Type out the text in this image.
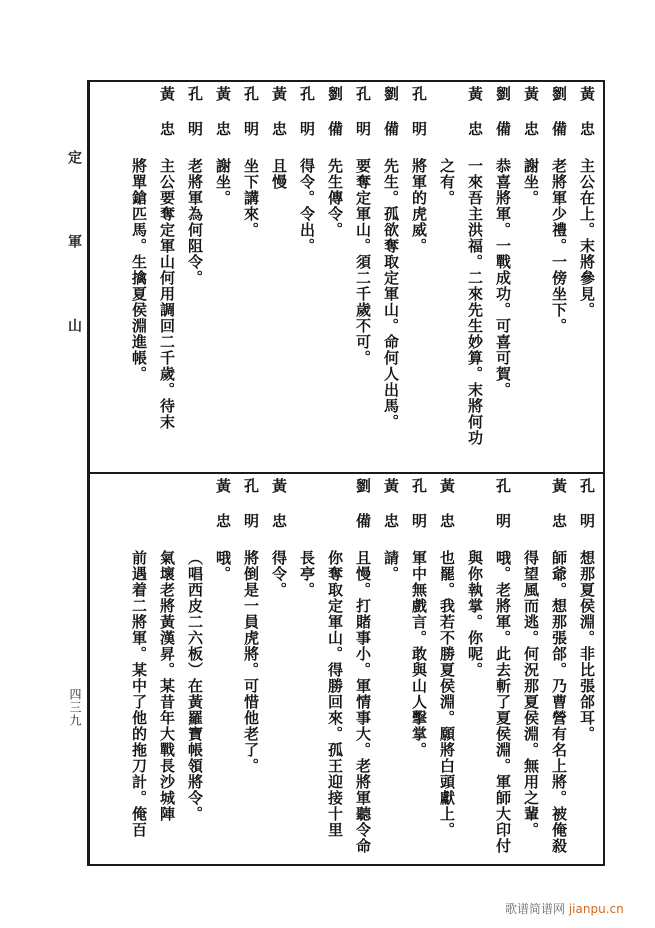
定　軍　山
四三九
黃忠
主公在上。末將參見。
劉備
老將軍少禮。一傍坐下。
黃忠
謝坐。
劉備
恭喜將軍。一戰成功。可喜可賀。
黃忠
一來吾主洪福。二來先生妙算。末將何功
之有。
孔明
將軍的虎威。
劉備
先生。孤欲奪取定軍山。命何人出馬。
孔明
要奪定軍山。須二千歲不可。
劉備
先生傳令。
孔明
得令。令出。
黃忠
且慢
孔明
坐下講來。
黃忠
謝坐。
孔明
老將軍為何阻令。
黃忠
主公要奪定軍山何用調回二千歲。待末
將單鎗匹馬。生擒夏侯淵進帳。
孔明
想那夏侯淵。非比張郃耳。
黃忠
師爺。想那張郃。乃曹營有名上將。被俺殺
得望風而逃。何況那夏侯淵。無用之輩。
孔明
哦。老將軍。此去斬了夏侯淵。軍師大印付
與你執掌。你呢。
黃忠
也罷。我若不勝夏侯淵。願將白頭獻上。
孔明
軍中無戲言。敢與山人擊掌。
黃忠
請。
劉備
且慢。打賭事小。軍情事大。老將軍聽令命
你奪取定軍山。得勝回來。孤王迎接十里
長亭。
黃忠
得令。
孔明
將倒是一員虎將。可惜他老了。
黃忠
哦。
（唱西皮二六板）在黃羅寶帳領將令。
氣壞老將黃漢昇。某昔年大戰長沙城陣
前遇着二將軍。某中了他的拖刀計。俺百
歌谱简谱网 jianpu.cn
